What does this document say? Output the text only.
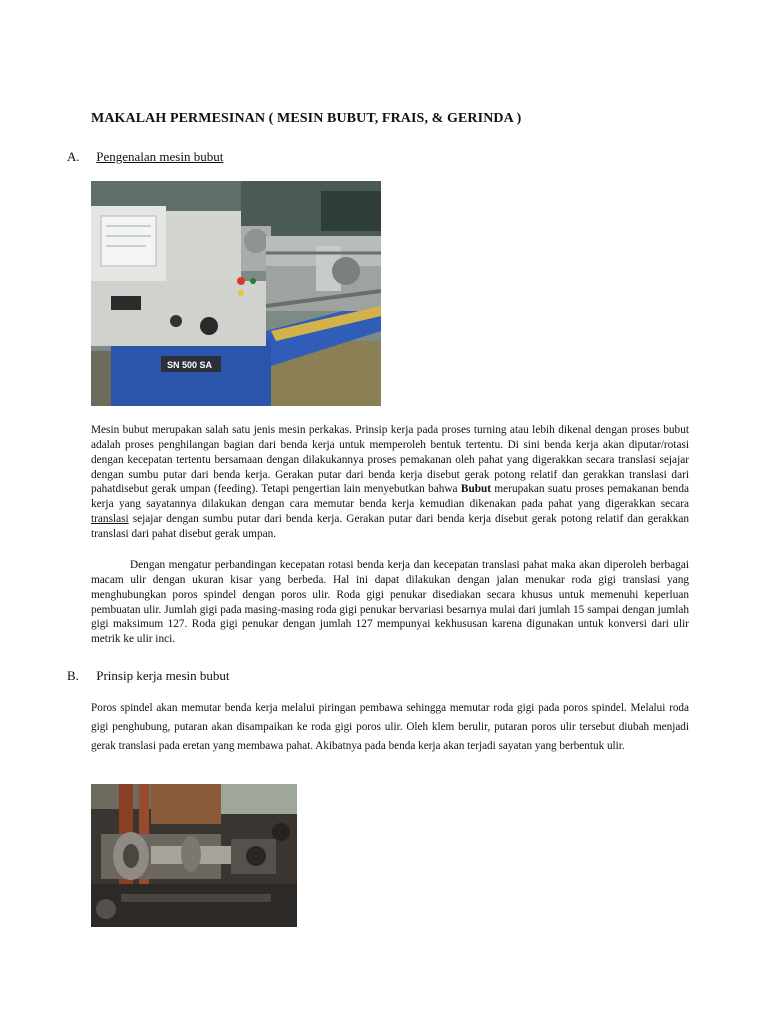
MAKALAH PERMESINAN ( MESIN BUBUT, FRAIS, & GERINDA )
A. Pengenalan mesin bubut
SN 500 SA

Mesin bubut merupakan salah satu jenis mesin perkakas. Prinsip kerja pada proses turning atau lebih dikenal dengan proses bubut adalah proses penghilangan bagian dari benda kerja untuk memperoleh bentuk tertentu. Di sini benda kerja akan diputar/rotasi dengan kecepatan tertentu bersamaan dengan dilakukannya proses pemakanan oleh pahat yang digerakkan secara translasi sejajar dengan sumbu putar dari benda kerja. Gerakan putar dari benda kerja disebut gerak potong relatif dan gerakkan translasi dari pahatdisebut gerak umpan (feeding). Tetapi pengertian lain menyebutkan bahwa Bubut merupakan suatu proses pemakanan benda kerja yang sayatannya dilakukan dengan cara memutar benda kerja kemudian dikenakan pada pahat yang digerakkan secara translasi sejajar dengan sumbu putar dari benda kerja. Gerakan putar dari benda kerja disebut gerak potong relatif dan gerakkan translasi dari pahat disebut gerak umpan.

Dengan mengatur perbandingan kecepatan rotasi benda kerja dan kecepatan translasi pahat maka akan diperoleh berbagai macam ulir dengan ukuran kisar yang berbeda. Hal ini dapat dilakukan dengan jalan menukar roda gigi translasi yang menghubungkan poros spindel dengan poros ulir. Roda gigi penukar disediakan secara khusus untuk memenuhi keperluan pembuatan ulir. Jumlah gigi pada masing-masing roda gigi penukar bervariasi besarnya mulai dari jumlah 15 sampai dengan jumlah gigi maksimum 127. Roda gigi penukar dengan jumlah 127 mempunyai kekhususan karena digunakan untuk konversi dari ulir metrik ke ulir inci.

B. Prinsip kerja mesin bubut

Poros spindel akan memutar benda kerja melalui piringan pembawa sehingga memutar roda gigi pada poros spindel. Melalui roda gigi penghubung, putaran akan disampaikan ke roda gigi poros ulir. Oleh klem berulir, putaran poros ulir tersebut diubah menjadi gerak translasi pada eretan yang membawa pahat. Akibatnya pada benda kerja akan terjadi sayatan yang berbentuk ulir.
